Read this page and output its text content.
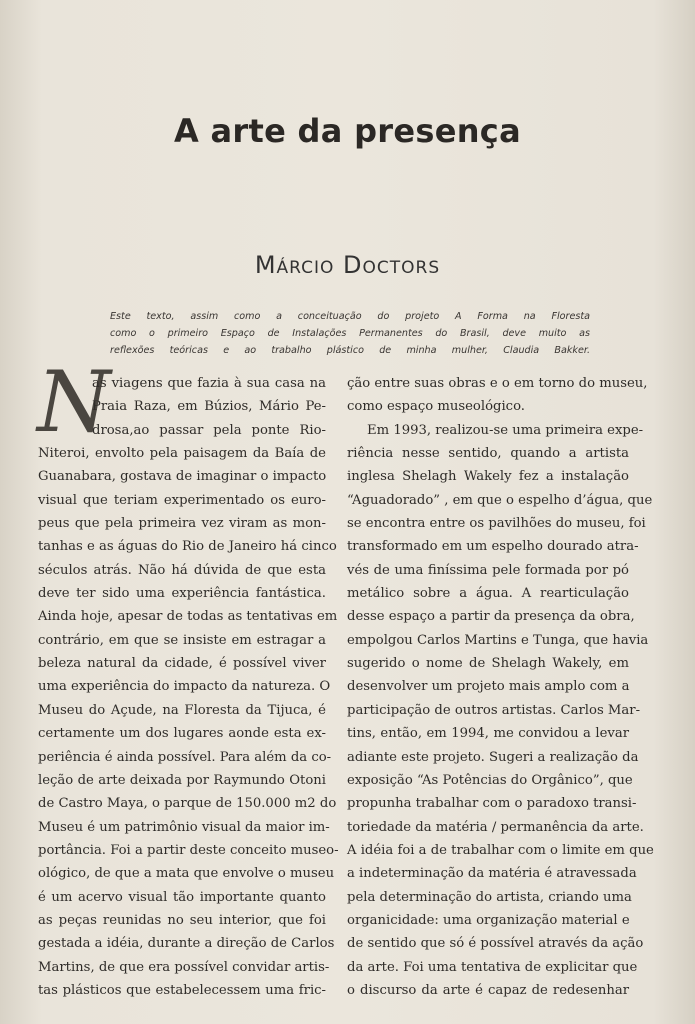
A arte da presença
Márcio Doctors
Este texto, assim como a conceituação do projeto A Forma na Floresta
como o primeiro Espaço de Instalações Permanentes do Brasil, deve muito as
reflexões teóricas e ao trabalho plástico de minha mulher, Claudia Bakker.
N
as viagens que fazia à sua casa na
Praia Raza, em Búzios, Mário Pe-
drosa,ao passar pela ponte Rio-
Niteroi, envolto pela paisagem da Baía de
Guanabara, gostava de imaginar o impacto
visual que teriam experimentado os euro-
peus que pela primeira vez viram as mon-
tanhas e as águas do Rio de Janeiro há cinco
séculos atrás. Não há dúvida de que esta
deve ter sido uma experiência fantástica.
Ainda hoje, apesar de todas as tentativas em
contrário, em que se insiste em estragar a
beleza natural da cidade, é possível viver
uma experiência do impacto da natureza. O
Museu do Açude, na Floresta da Tijuca, é
certamente um dos lugares aonde esta ex-
periência é ainda possível. Para além da co-
leção de arte deixada por Raymundo Otoni
de Castro Maya, o parque de 150.000 m2 do
Museu é um patrimônio visual da maior im-
portância. Foi a partir deste conceito museo-
ológico, de que a mata que envolve o museu
é um acervo visual tão importante quanto
as peças reunidas no seu interior, que foi
gestada a idéia, durante a direção de Carlos
Martins, de que era possível convidar artis-
tas plásticos que estabelecessem uma fric-
ção entre suas obras e o em torno do museu,
como espaço museológico.
Em 1993, realizou-se uma primeira expe-
riência nesse sentido, quando a artista
inglesa Shelagh Wakely fez a instalação
“Aguadorado” , em que o espelho d’água, que
se encontra entre os pavilhões do museu, foi
transformado em um espelho dourado atra-
vés de uma finíssima pele formada por pó
metálico sobre a água. A rearticulação
desse espaço a partir da presença da obra,
empolgou Carlos Martins e Tunga, que havia
sugerido o nome de Shelagh Wakely, em
desenvolver um projeto mais amplo com a
participação de outros artistas. Carlos Mar-
tins, então, em 1994, me convidou a levar
adiante este projeto. Sugeri a realização da
exposição “As Potências do Orgânico”, que
propunha trabalhar com o paradoxo transi-
toriedade da matéria / permanência da arte.
A idéia foi a de trabalhar com o limite em que
a indeterminação da matéria é atravessada
pela determinação do artista, criando uma
organicidade: uma organização material e
de sentido que só é possível através da ação
da arte. Foi uma tentativa de explicitar que
o discurso da arte é capaz de redesenhar
